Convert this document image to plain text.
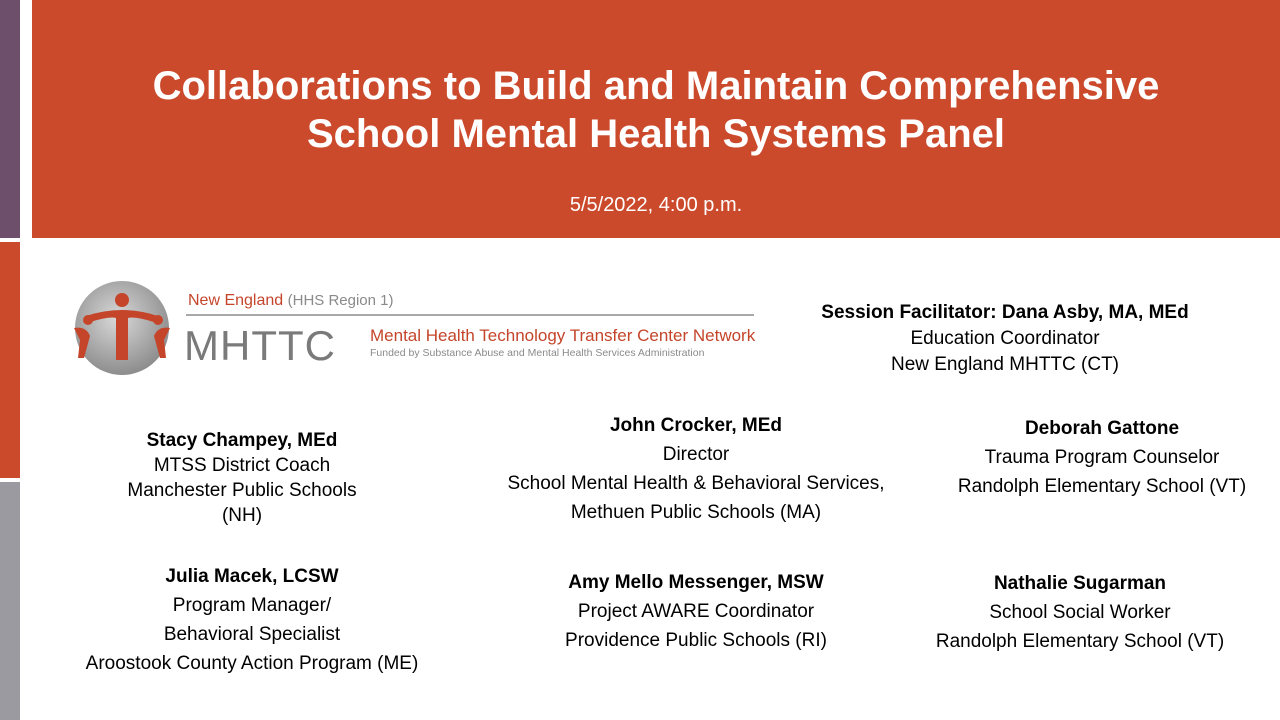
Collaborations to Build and Maintain Comprehensive
School Mental Health Systems Panel
5/5/2022, 4:00 p.m.
New England (HHS Region 1)
MHTTC Mental Health Technology Transfer Center Network
Funded by Substance Abuse and Mental Health Services Administration
Session Facilitator: Dana Asby, MA, MEd
Education Coordinator
New England MHTTC (CT)
Stacy Champey, MEd
MTSS District Coach
Manchester Public Schools
(NH)
John Crocker, MEd
Director
School Mental Health & Behavioral Services,
Methuen Public Schools (MA)
Deborah Gattone
Trauma Program Counselor
Randolph Elementary School (VT)
Julia Macek, LCSW
Program Manager/
Behavioral Specialist
Aroostook County Action Program (ME)
Amy Mello Messenger, MSW
Project AWARE Coordinator
Providence Public Schools (RI)
Nathalie Sugarman
School Social Worker
Randolph Elementary School (VT)
